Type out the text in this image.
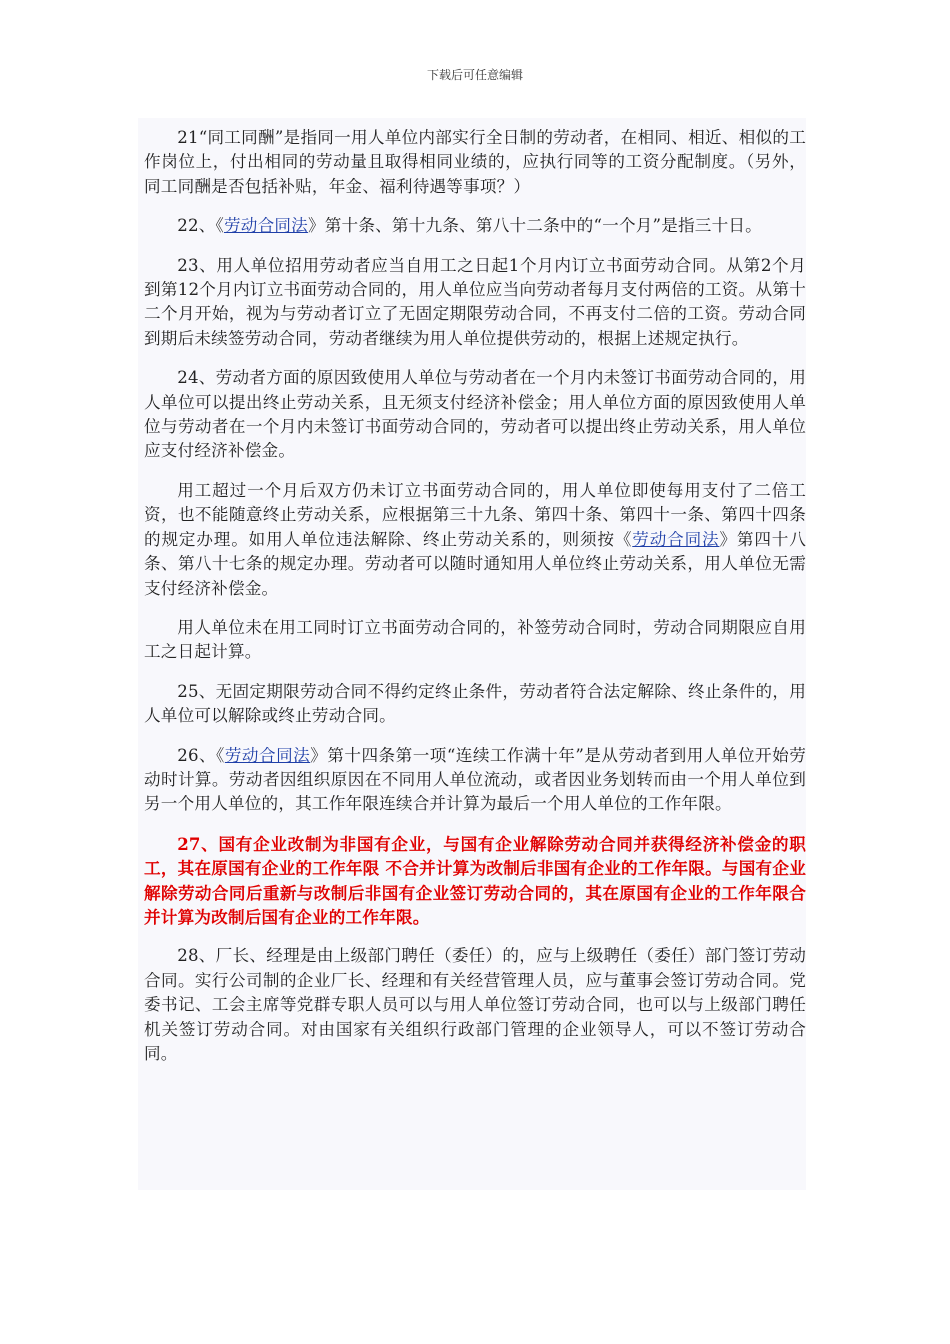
下载后可任意编辑

21“同工同酬”是指同一用人单位内部实行全日制的劳动者，在相同、相近、相似的工作岗位上，付出相同的劳动量且取得相同业绩的，应执行同等的工资分配制度。（另外，同工同酬是否包括补贴，年金、福利待遇等事项？）

22、《劳动合同法》第十条、第十九条、第八十二条中的“一个月”是指三十日。

23、用人单位招用劳动者应当自用工之日起1个月内订立书面劳动合同。从第2个月到第12个月内订立书面劳动合同的，用人单位应当向劳动者每月支付两倍的工资。从第十二个月开始，视为与劳动者订立了无固定期限劳动合同，不再支付二倍的工资。劳动合同到期后未续签劳动合同，劳动者继续为用人单位提供劳动的，根据上述规定执行。

24、劳动者方面的原因致使用人单位与劳动者在一个月内未签订书面劳动合同的，用人单位可以提出终止劳动关系，且无须支付经济补偿金；用人单位方面的原因致使用人单位与劳动者在一个月内未签订书面劳动合同的，劳动者可以提出终止劳动关系，用人单位应支付经济补偿金。

用工超过一个月后双方仍未订立书面劳动合同的，用人单位即使每用支付了二倍工资，也不能随意终止劳动关系，应根据第三十九条、第四十条、第四十一条、第四十四条的规定办理。如用人单位违法解除、终止劳动关系的，则须按《劳动合同法》第四十八条、第八十七条的规定办理。劳动者可以随时通知用人单位终止劳动关系，用人单位无需支付经济补偿金。

用人单位未在用工同时订立书面劳动合同的，补签劳动合同时，劳动合同期限应自用工之日起计算。

25、无固定期限劳动合同不得约定终止条件，劳动者符合法定解除、终止条件的，用人单位可以解除或终止劳动合同。

26、《劳动合同法》第十四条第一项“连续工作满十年”是从劳动者到用人单位开始劳动时计算。劳动者因组织原因在不同用人单位流动，或者因业务划转而由一个用人单位到另一个用人单位的，其工作年限连续合并计算为最后一个用人单位的工作年限。

27、国有企业改制为非国有企业，与国有企业解除劳动合同并获得经济补偿金的职工，其在原国有企业的工作年限 不合并计算为改制后非国有企业的工作年限。与国有企业解除劳动合同后重新与改制后非国有企业签订劳动合同的，其在原国有企业的工作年限合并计算为改制后国有企业的工作年限。

28、厂长、经理是由上级部门聘任（委任）的，应与上级聘任（委任）部门签订劳动合同。实行公司制的企业厂长、经理和有关经营管理人员，应与董事会签订劳动合同。党委书记、工会主席等党群专职人员可以与用人单位签订劳动合同，也可以与上级部门聘任机关签订劳动合同。对由国家有关组织行政部门管理的企业领导人，可以不签订劳动合同。
